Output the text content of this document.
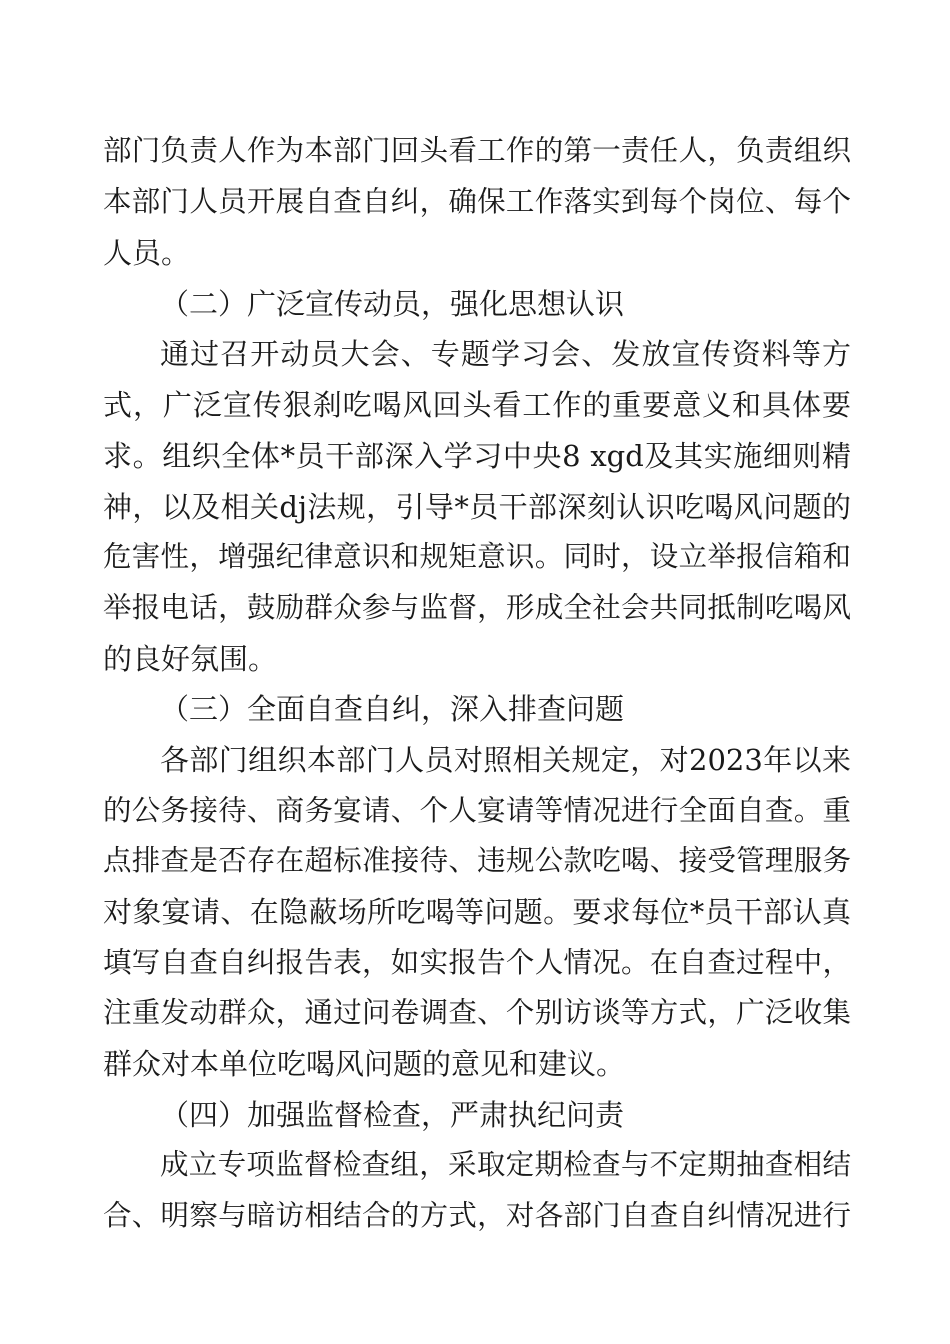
部门负责人作为本部门回头看工作的第一责任人，负责组织
本部门人员开展自查自纠，确保工作落实到每个岗位、每个
人员。
（二）广泛宣传动员，强化思想认识
通过召开动员大会、专题学习会、发放宣传资料等方
式，广泛宣传狠刹吃喝风回头看工作的重要意义和具体要
求。组织全体*员干部深入学习中央8 xgd及其实施细则精
神，以及相关dj法规，引导*员干部深刻认识吃喝风问题的
危害性，增强纪律意识和规矩意识。同时，设立举报信箱和
举报电话，鼓励群众参与监督，形成全社会共同抵制吃喝风
的良好氛围。
（三）全面自查自纠，深入排查问题
各部门组织本部门人员对照相关规定，对2023年以来
的公务接待、商务宴请、个人宴请等情况进行全面自查。重
点排查是否存在超标准接待、违规公款吃喝、接受管理服务
对象宴请、在隐蔽场所吃喝等问题。要求每位*员干部认真
填写自查自纠报告表，如实报告个人情况。在自查过程中，
注重发动群众，通过问卷调查、个别访谈等方式，广泛收集
群众对本单位吃喝风问题的意见和建议。
（四）加强监督检查，严肃执纪问责
成立专项监督检查组，采取定期检查与不定期抽查相结
合、明察与暗访相结合的方式，对各部门自查自纠情况进行
